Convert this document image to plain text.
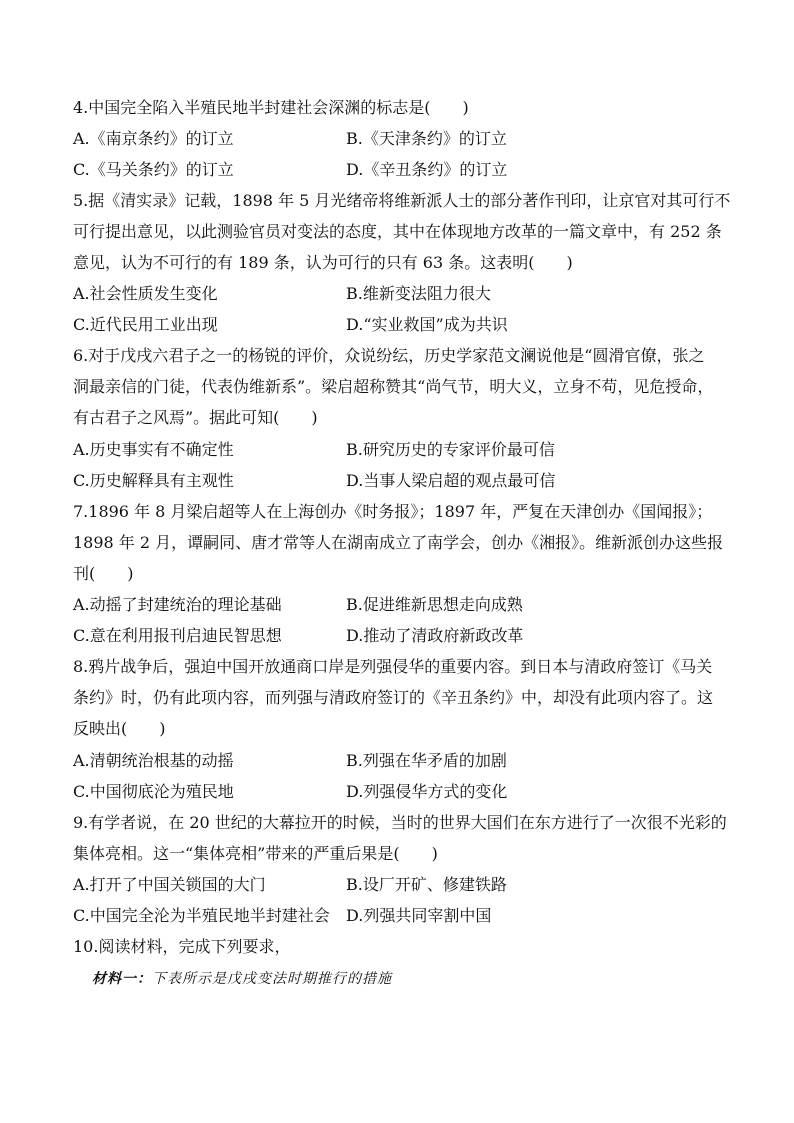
4.中国完全陷入半殖民地半封建社会深渊的标志是(　　)
A.《南京条约》的订立	B.《天津条约》的订立
C.《马关条约》的订立	D.《辛丑条约》的订立
5.据《清实录》记载，1898 年 5 月光绪帝将维新派人士的部分著作刊印，让京官对其可行不
可行提出意见，以此测验官员对变法的态度，其中在体现地方改革的一篇文章中，有 252 条
意见，认为不可行的有 189 条，认为可行的只有 63 条。这表明(　　)
A.社会性质发生变化	B.维新变法阻力很大
C.近代民用工业出现	D.“实业救国”成为共识
6.对于戊戌六君子之一的杨锐的评价，众说纷纭，历史学家范文澜说他是“圆滑官僚，张之
洞最亲信的门徒，代表伪维新系”。梁启超称赞其“尚气节，明大义，立身不苟，见危授命，
有古君子之风焉”。据此可知(　　)
A.历史事实有不确定性	B.研究历史的专家评价最可信
C.历史解释具有主观性	D.当事人梁启超的观点最可信
7.1896 年 8 月梁启超等人在上海创办《时务报》；1897 年，严复在天津创办《国闻报》；
1898 年 2 月，谭嗣同、唐才常等人在湖南成立了南学会，创办《湘报》。维新派创办这些报
刊(　　)
A.动摇了封建统治的理论基础	B.促进维新思想走向成熟
C.意在利用报刊启迪民智思想	D.推动了清政府新政改革
8.鸦片战争后，强迫中国开放通商口岸是列强侵华的重要内容。到日本与清政府签订《马关
条约》时，仍有此项内容，而列强与清政府签订的《辛丑条约》中，却没有此项内容了。这
反映出(　　)
A.清朝统治根基的动摇	B.列强在华矛盾的加剧
C.中国彻底沦为殖民地	D.列强侵华方式的变化
9.有学者说，在 20 世纪的大幕拉开的时候，当时的世界大国们在东方进行了一次很不光彩的
集体亮相。这一“集体亮相”带来的严重后果是(　　)
A.打开了中国关锁国的大门	B.设厂开矿、修建铁路
C.中国完全沦为半殖民地半封建社会 D.列强共同宰割中国
10.阅读材料，完成下列要求，
材料一：下表所示是戊戌变法时期推行的措施
